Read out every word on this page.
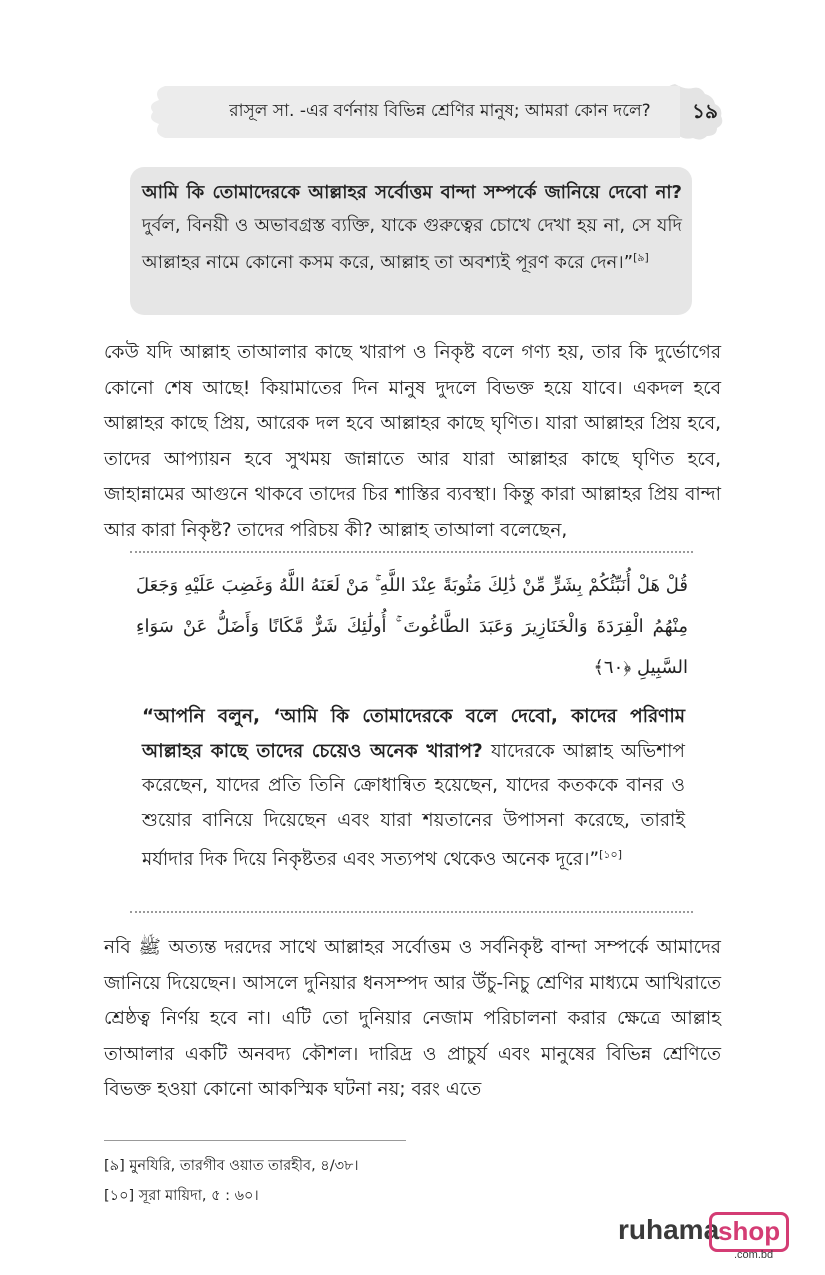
রাসূল সা. -এর বর্ণনায় বিভিন্ন শ্রেণির মানুষ; আমরা কোন দলে?	১৯
আমি কি তোমাদেরকে আল্লাহর সর্বোত্তম বান্দা সম্পর্কে জানিয়ে দেবো না? দুর্বল, বিনয়ী ও অভাবগ্রস্ত ব্যক্তি, যাকে গুরুত্বের চোখে দেখা হয় না, সে যদি আল্লাহর নামে কোনো কসম করে, আল্লাহ তা অবশ্যই পূরণ করে দেন।”[৯]
কেউ যদি আল্লাহ তাআলার কাছে খারাপ ও নিকৃষ্ট বলে গণ্য হয়, তার কি দুর্ভোগের কোনো শেষ আছে! কিয়ামাতের দিন মানুষ দুদলে বিভক্ত হয়ে যাবে। একদল হবে আল্লাহর কাছে প্রিয়, আরেক দল হবে আল্লাহর কাছে ঘৃণিত। যারা আল্লাহর প্রিয় হবে, তাদের আপ্যায়ন হবে সুখময় জান্নাতে আর যারা আল্লাহর কাছে ঘৃণিত হবে, জাহান্নামের আগুনে থাকবে তাদের চির শাস্তির ব্যবস্থা। কিন্তু কারা আল্লাহর প্রিয় বান্দা আর কারা নিকৃষ্ট? তাদের পরিচয় কী? আল্লাহ তাআলা বলেছেন,
قُلْ هَلْ أُنَبِّئُكُمْ بِشَرٍّ مِّنْ ذَٰلِكَ مَثُوبَةً عِنْدَ اللَّهِ ۚ مَنْ لَعَنَهُ اللَّهُ وَغَضِبَ عَلَيْهِ وَجَعَلَ مِنْهُمُ الْقِرَدَةَ وَالْخَنَازِيرَ وَعَبَدَ الطَّاغُوتَ ۚ أُولَٰئِكَ شَرٌّ مَّكَانًا وَأَضَلُّ عَنْ سَوَاءِ السَّبِيلِ ﴿٦٠﴾
“আপনি বলুন, ‘আমি কি তোমাদেরকে বলে দেবো, কাদের পরিণাম আল্লাহর কাছে তাদের চেয়েও অনেক খারাপ? যাদেরকে আল্লাহ অভিশাপ করেছেন, যাদের প্রতি তিনি ক্রোধান্বিত হয়েছেন, যাদের কতককে বানর ও শুয়োর বানিয়ে দিয়েছেন এবং যারা শয়তানের উপাসনা করেছে, তারাই মর্যাদার দিক দিয়ে নিকৃষ্টতর এবং সত্যপথ থেকেও অনেক দূরে।”[১০]
নবি ﷺ অত্যন্ত দরদের সাথে আল্লাহর সর্বোত্তম ও সর্বনিকৃষ্ট বান্দা সম্পর্কে আমাদের জানিয়ে দিয়েছেন। আসলে দুনিয়ার ধনসম্পদ আর উঁচু-নিচু শ্রেণির মাধ্যমে আখিরাতে শ্রেষ্ঠত্ব নির্ণয় হবে না। এটি তো দুনিয়ার নেজাম পরিচালনা করার ক্ষেত্রে আল্লাহ তাআলার একটি অনবদ্য কৌশল। দারিদ্র ও প্রাচুর্য এবং মানুষের বিভিন্ন শ্রেণিতে বিভক্ত হওয়া কোনো আকস্মিক ঘটনা নয়; বরং এতে
[৯] মুনযিরি, তারগীব ওয়াত তারহীব, ৪/৩৮।
[১০] সূরা মায়িদা, ৫ : ৬০।
ruhama
shop
.com.bd
